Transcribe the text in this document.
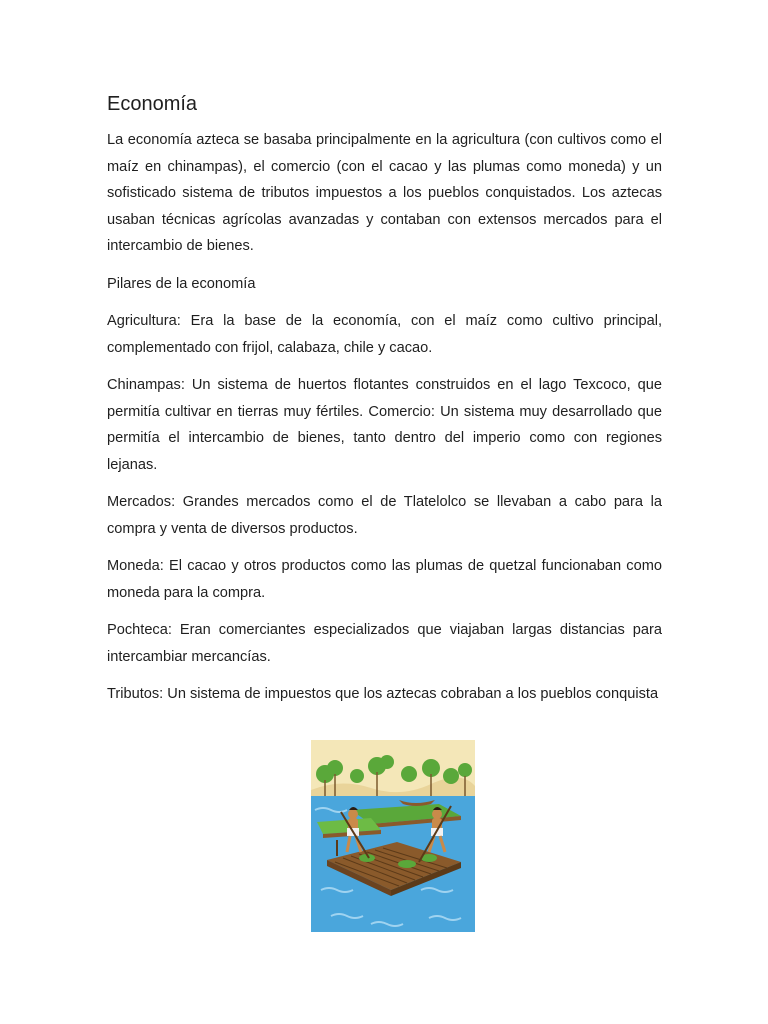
Economía

La economía azteca se basaba principalmente en la agricultura (con cultivos como el maíz en chinampas), el comercio (con el cacao y las plumas como moneda) y un sofisticado sistema de tributos impuestos a los pueblos conquistados. Los aztecas usaban técnicas agrícolas avanzadas y contaban con extensos mercados para el intercambio de bienes.

Pilares de la economía

Agricultura: Era la base de la economía, con el maíz como cultivo principal, complementado con frijol, calabaza, chile y cacao.

Chinampas: Un sistema de huertos flotantes construidos en el lago Texcoco, que permitía cultivar en tierras muy fértiles. Comercio: Un sistema muy desarrollado que permitía el intercambio de bienes, tanto dentro del imperio como con regiones lejanas.

Mercados: Grandes mercados como el de Tlatelolco se llevaban a cabo para la compra y venta de diversos productos.

Moneda: El cacao y otros productos como las plumas de quetzal funcionaban como moneda para la compra.

Pochteca: Eran comerciantes especializados que viajaban largas distancias para intercambiar mercancías.

Tributos: Un sistema de impuestos que los aztecas cobraban a los pueblos conquista
